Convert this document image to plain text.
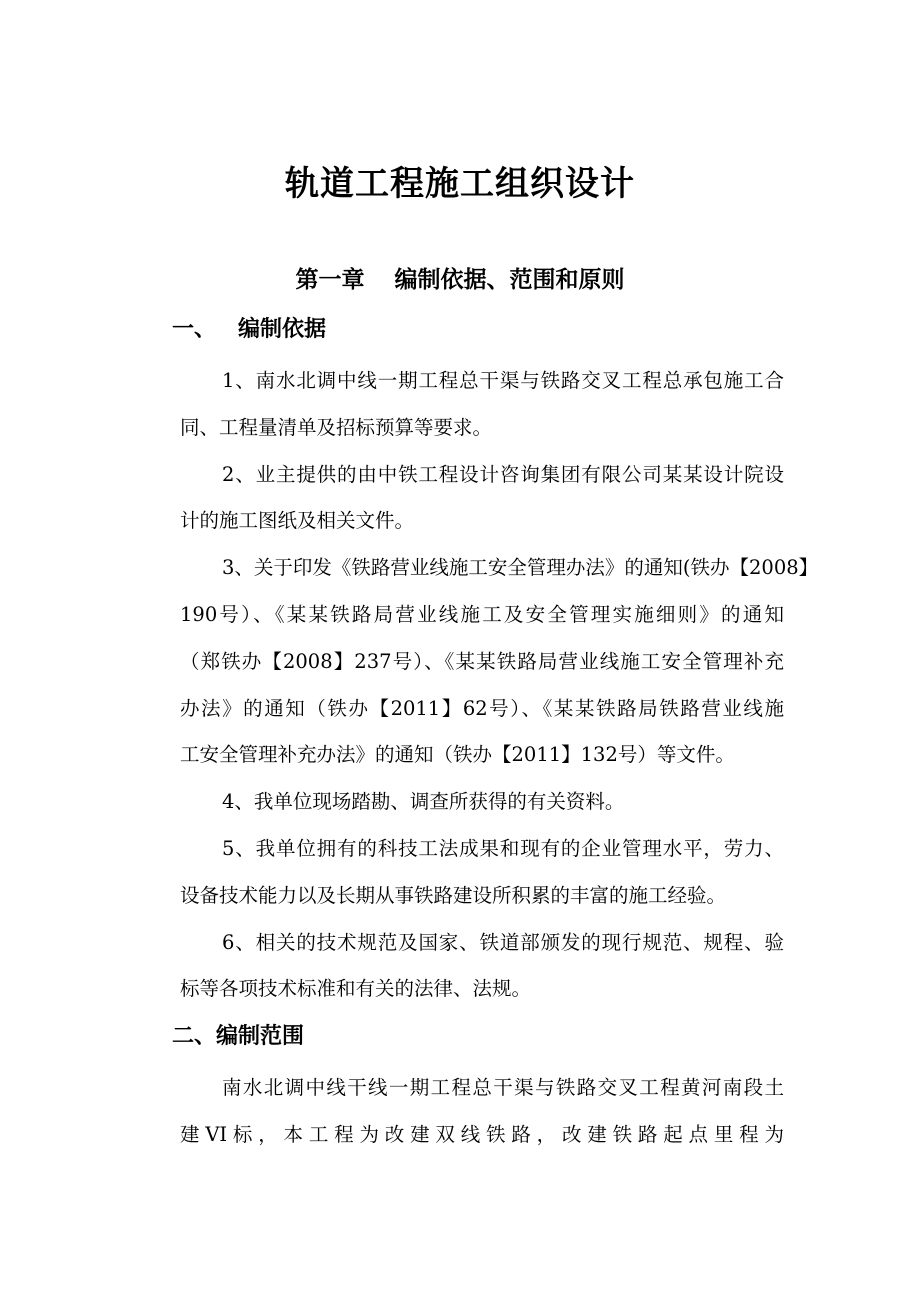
轨道工程施工组织设计
第一章 编制依据、范围和原则
一、 编制依据

1、南水北调中线一期工程总干渠与铁路交叉工程总承包施工合
同、工程量清单及招标预算等要求。

2、业主提供的由中铁工程设计咨询集团有限公司某某设计院设
计的施工图纸及相关文件。

3、关于印发《铁路营业线施工安全管理办法》的通知(铁办【2008】
190号）、《某某铁路局营业线施工及安全管理实施细则》的通知
（郑铁办【2008】237号）、《某某铁路局营业线施工安全管理补充
办法》的通知（铁办【2011】62号）、《某某铁路局铁路营业线施
工安全管理补充办法》的通知（铁办【2011】132号）等文件。

4、我单位现场踏勘、调查所获得的有关资料。

5、我单位拥有的科技工法成果和现有的企业管理水平，劳力、
设备技术能力以及长期从事铁路建设所积累的丰富的施工经验。

6、相关的技术规范及国家、铁道部颁发的现行规范、规程、验
标等各项技术标准和有关的法律、法规。

二、编制范围

南水北调中线干线一期工程总干渠与铁路交叉工程黄河南段土
建VI标，本工程为改建双线铁路，改建铁路起点里程为
